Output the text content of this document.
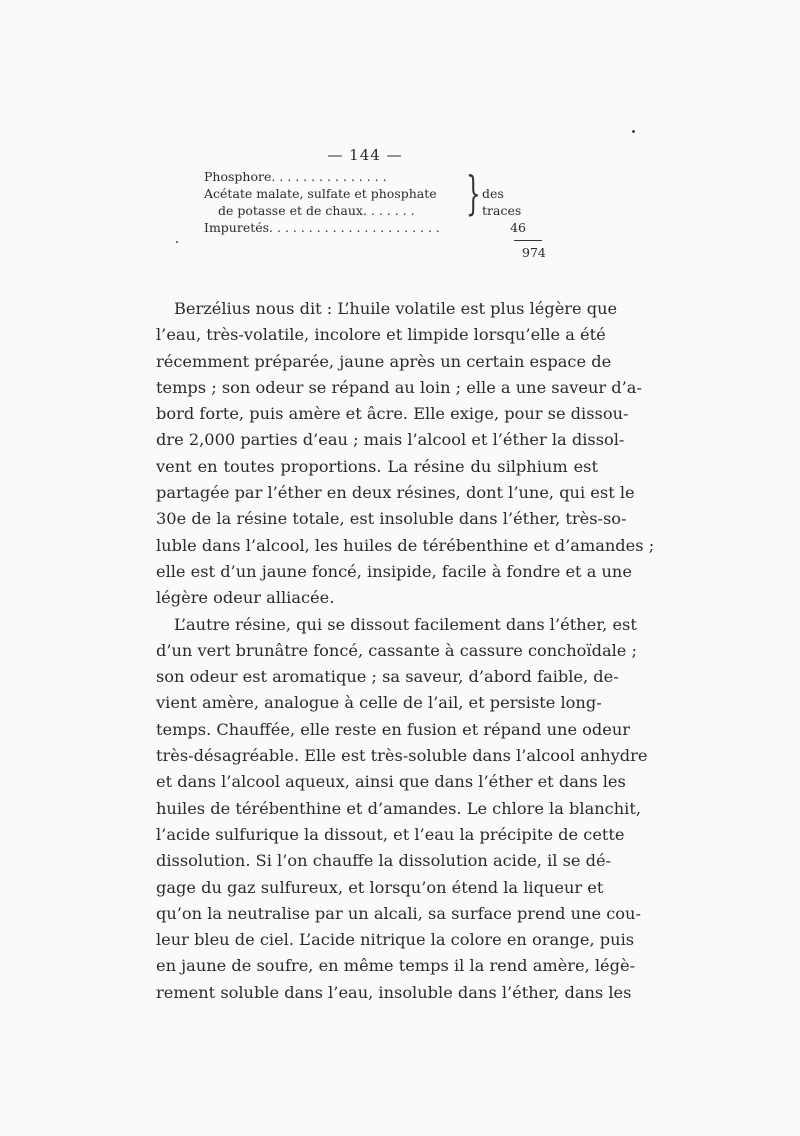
— 144 —
Phosphore. . . . . . . . . . . . . . .
Acétate malate, sulfate et phosphate
de potasse et de chaux. . . . . . .
Impuretés. . . . . . . . . . . . . . . . . . . . . .	46
} des traces
974
Berzélius nous dit : L’huile volatile est plus légère que
l’eau, très-volatile, incolore et limpide lorsqu’elle a été
récemment préparée, jaune après un certain espace de
temps ; son odeur se répand au loin ; elle a une saveur d’a-
bord forte, puis amère et âcre. Elle exige, pour se dissou-
dre 2,000 parties d’eau ; mais l’alcool et l’éther la dissol-
vent en toutes proportions. La résine du silphium est
partagée par l’éther en deux résines, dont l’une, qui est le
30e de la résine totale, est insoluble dans l’éther, très-so-
luble dans l’alcool, les huiles de térébenthine et d’amandes ;
elle est d’un jaune foncé, insipide, facile à fondre et a une
légère odeur alliacée.
L’autre résine, qui se dissout facilement dans l’éther, est
d’un vert brunâtre foncé, cassante à cassure conchoïdale ;
son odeur est aromatique ; sa saveur, d’abord faible, de-
vient amère, analogue à celle de l’ail, et persiste long-
temps. Chauffée, elle reste en fusion et répand une odeur
très-désagréable. Elle est très-soluble dans l’alcool anhydre
et dans l’alcool aqueux, ainsi que dans l’éther et dans les
huiles de térébenthine et d’amandes. Le chlore la blanchit,
l’acide sulfurique la dissout, et l’eau la précipite de cette
dissolution. Si l’on chauffe la dissolution acide, il se dé-
gage du gaz sulfureux, et lorsqu’on étend la liqueur et
qu’on la neutralise par un alcali, sa surface prend une cou-
leur bleu de ciel. L’acide nitrique la colore en orange, puis
en jaune de soufre, en même temps il la rend amère, légè-
rement soluble dans l’eau, insoluble dans l’éther, dans les
